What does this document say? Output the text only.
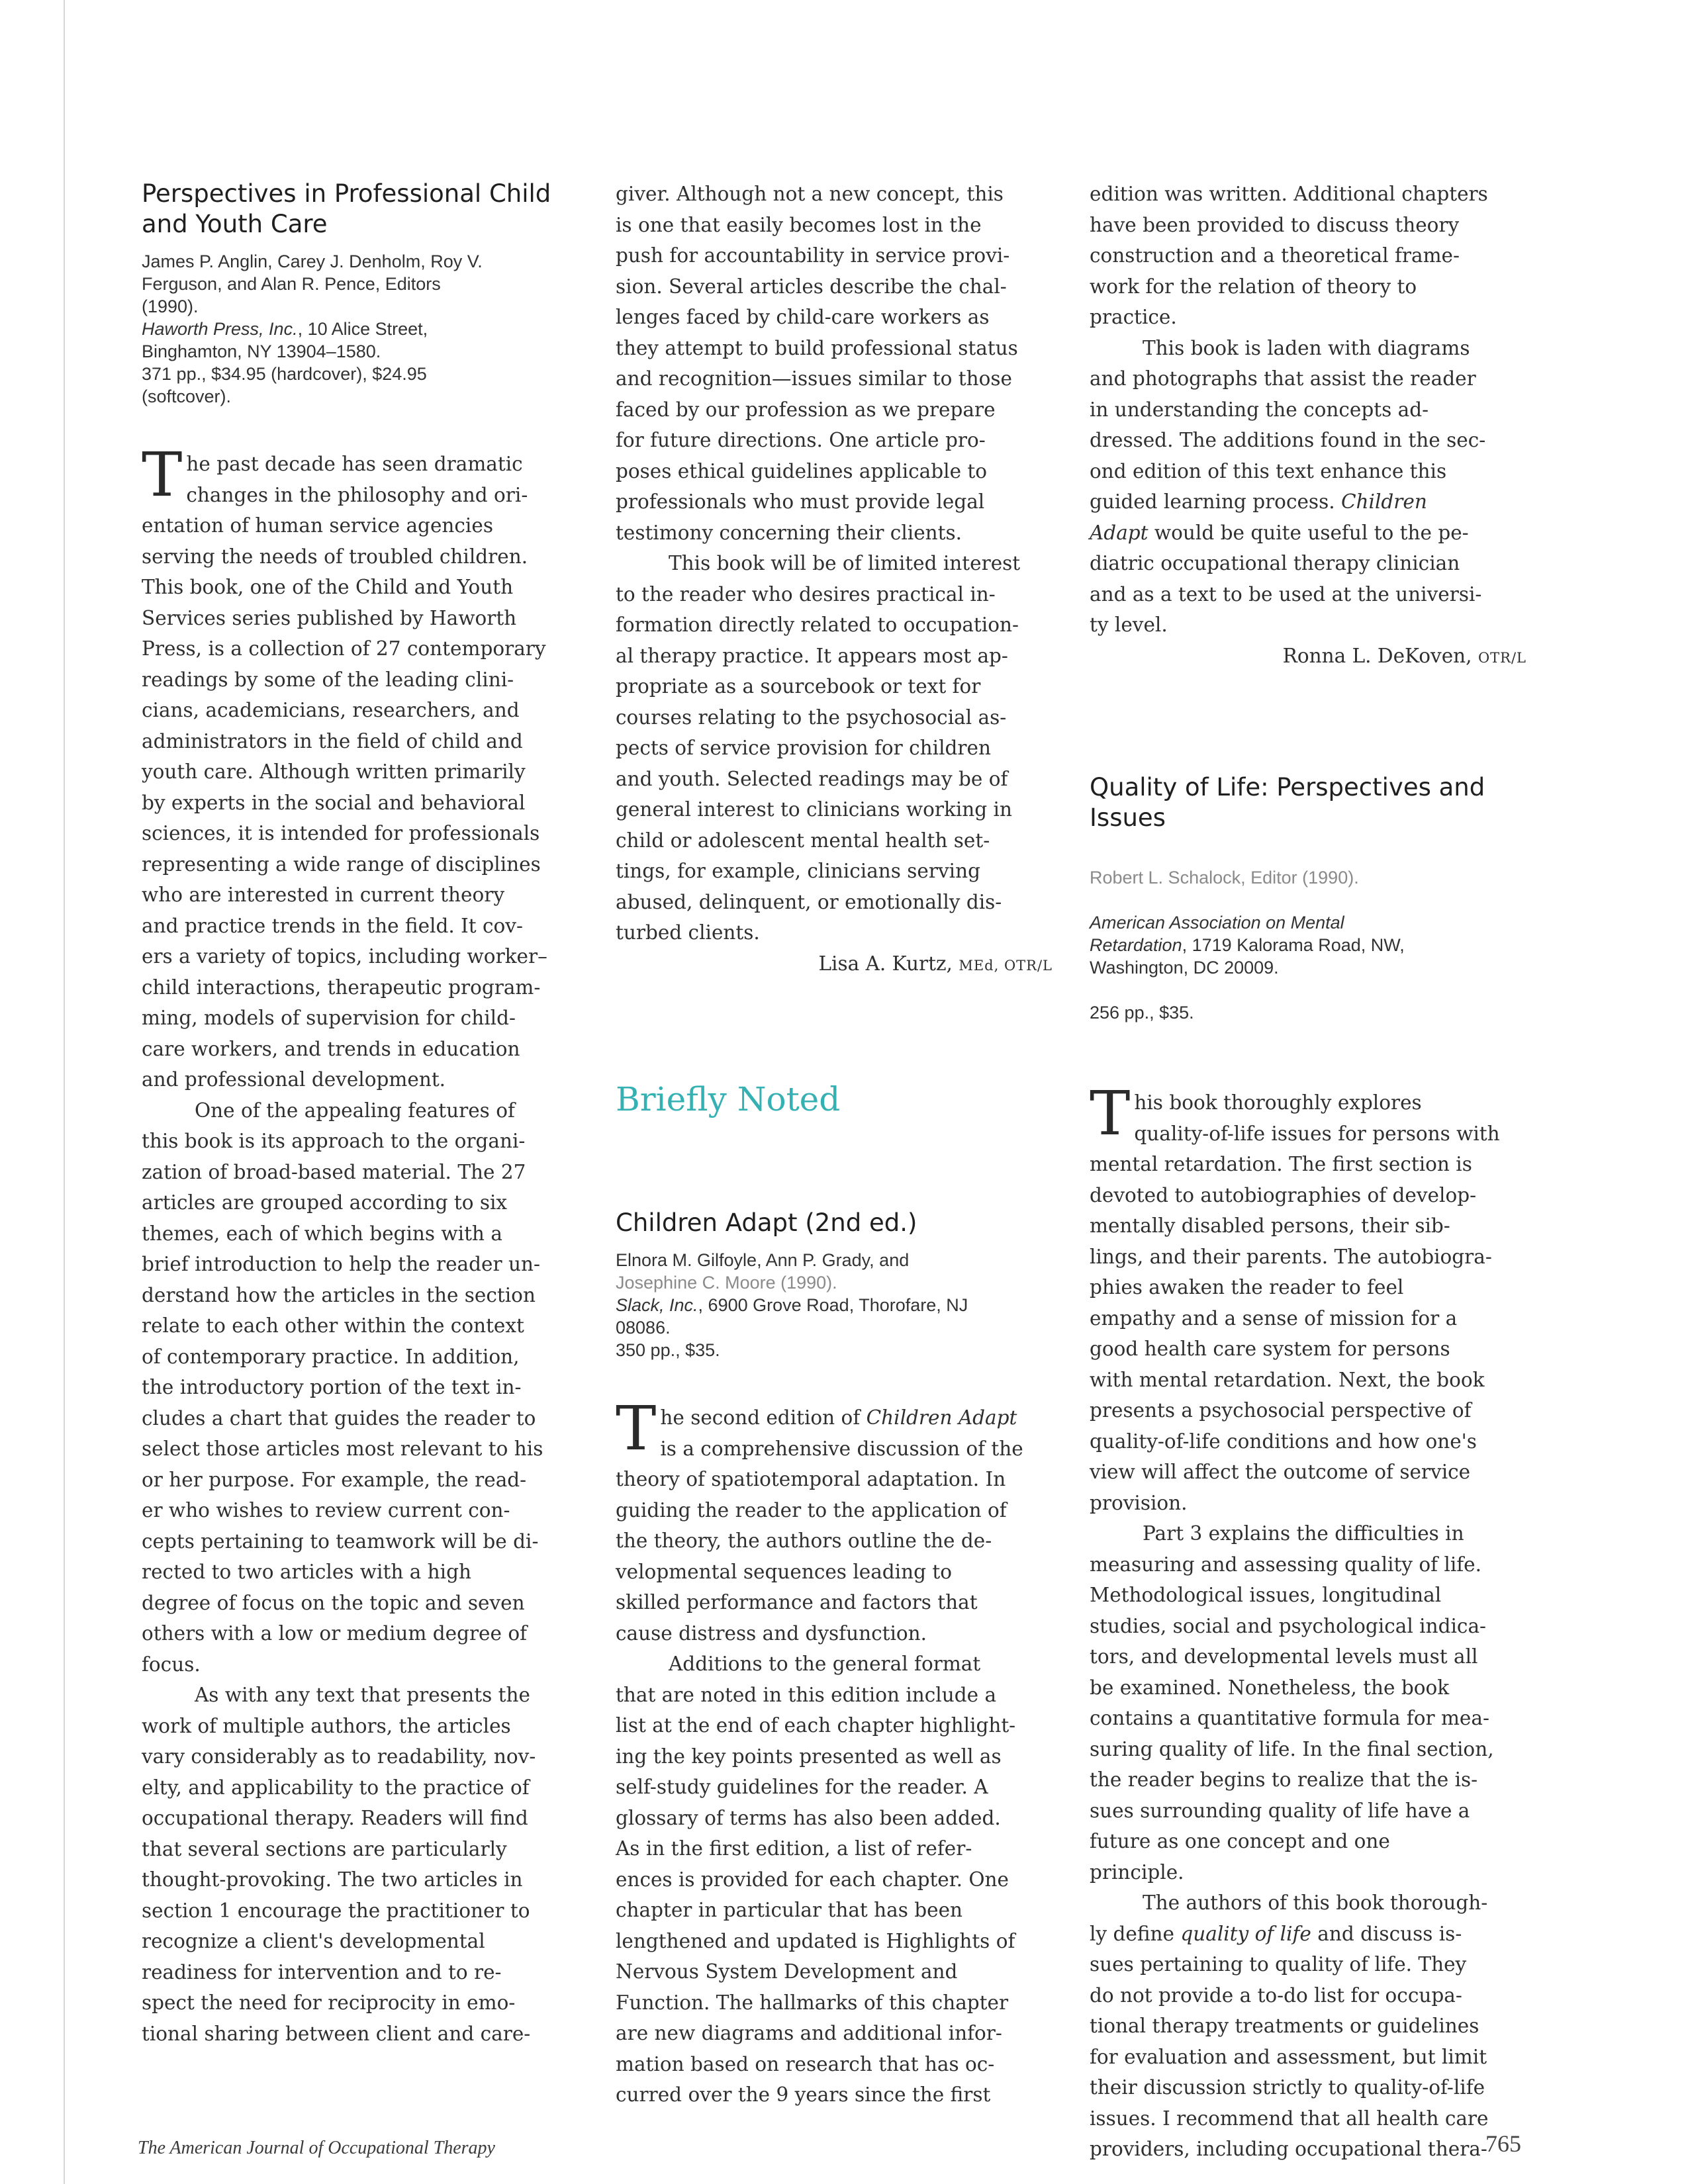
Perspectives in Professional Child
and Youth Care
James P. Anglin, Carey J. Denholm, Roy V.
Ferguson, and Alan R. Pence, Editors
(1990).
Haworth Press, Inc., 10 Alice Street,
Binghamton, NY 13904–1580.
371 pp., $34.95 (hardcover), $24.95
(softcover).

The past decade has seen dramatic
changes in the philosophy and ori-
entation of human service agencies
serving the needs of troubled children.
This book, one of the Child and Youth
Services series published by Haworth
Press, is a collection of 27 contemporary
readings by some of the leading clini-
cians, academicians, researchers, and
administrators in the field of child and
youth care. Although written primarily
by experts in the social and behavioral
sciences, it is intended for professionals
representing a wide range of disciplines
who are interested in current theory
and practice trends in the field. It cov-
ers a variety of topics, including worker–
child interactions, therapeutic program-
ming, models of supervision for child-
care workers, and trends in education
and professional development.

One of the appealing features of
this book is its approach to the organi-
zation of broad-based material. The 27
articles are grouped according to six
themes, each of which begins with a
brief introduction to help the reader un-
derstand how the articles in the section
relate to each other within the context
of contemporary practice. In addition,
the introductory portion of the text in-
cludes a chart that guides the reader to
select those articles most relevant to his
or her purpose. For example, the read-
er who wishes to review current con-
cepts pertaining to teamwork will be di-
rected to two articles with a high
degree of focus on the topic and seven
others with a low or medium degree of
focus.

As with any text that presents the
work of multiple authors, the articles
vary considerably as to readability, nov-
elty, and applicability to the practice of
occupational therapy. Readers will find
that several sections are particularly
thought-provoking. The two articles in
section 1 encourage the practitioner to
recognize a client's developmental
readiness for intervention and to re-
spect the need for reciprocity in emo-
tional sharing between client and care-

giver. Although not a new concept, this
is one that easily becomes lost in the
push for accountability in service provi-
sion. Several articles describe the chal-
lenges faced by child-care workers as
they attempt to build professional status
and recognition—issues similar to those
faced by our profession as we prepare
for future directions. One article pro-
poses ethical guidelines applicable to
professionals who must provide legal
testimony concerning their clients.

This book will be of limited interest
to the reader who desires practical in-
formation directly related to occupation-
al therapy practice. It appears most ap-
propriate as a sourcebook or text for
courses relating to the psychosocial as-
pects of service provision for children
and youth. Selected readings may be of
general interest to clinicians working in
child or adolescent mental health set-
tings, for example, clinicians serving
abused, delinquent, or emotionally dis-
turbed clients.

Lisa A. Kurtz, MEd, OTR/L

Briefly Noted
Children Adapt (2nd ed.)
Elnora M. Gilfoyle, Ann P. Grady, and
Josephine C. Moore (1990).
Slack, Inc., 6900 Grove Road, Thorofare, NJ
08086.
350 pp., $35.

The second edition of Children Adapt
is a comprehensive discussion of the
theory of spatiotemporal adaptation. In
guiding the reader to the application of
the theory, the authors outline the de-
velopmental sequences leading to
skilled performance and factors that
cause distress and dysfunction.

Additions to the general format
that are noted in this edition include a
list at the end of each chapter highlight-
ing the key points presented as well as
self-study guidelines for the reader. A
glossary of terms has also been added.
As in the first edition, a list of refer-
ences is provided for each chapter. One
chapter in particular that has been
lengthened and updated is Highlights of
Nervous System Development and
Function. The hallmarks of this chapter
are new diagrams and additional infor-
mation based on research that has oc-
curred over the 9 years since the first

edition was written. Additional chapters
have been provided to discuss theory
construction and a theoretical frame-
work for the relation of theory to
practice.

This book is laden with diagrams
and photographs that assist the reader
in understanding the concepts ad-
dressed. The additions found in the sec-
ond edition of this text enhance this
guided learning process. Children
Adapt would be quite useful to the pe-
diatric occupational therapy clinician
and as a text to be used at the universi-
ty level.

Ronna L. DeKoven, OTR/L

Quality of Life: Perspectives and
Issues

Robert L. Schalock, Editor (1990).

American Association on Mental
Retardation, 1719 Kalorama Road, NW,

Washington, DC 20009.

256 pp., $35.

This book thoroughly explores
quality-of-life issues for persons with
mental retardation. The first section is
devoted to autobiographies of develop-
mentally disabled persons, their sib-
lings, and their parents. The autobiogra-
phies awaken the reader to feel
empathy and a sense of mission for a
good health care system for persons
with mental retardation. Next, the book
presents a psychosocial perspective of
quality-of-life conditions and how one's
view will affect the outcome of service
provision.

Part 3 explains the difficulties in
measuring and assessing quality of life.
Methodological issues, longitudinal
studies, social and psychological indica-
tors, and developmental levels must all
be examined. Nonetheless, the book
contains a quantitative formula for mea-
suring quality of life. In the final section,
the reader begins to realize that the is-
sues surrounding quality of life have a
future as one concept and one
principle.

The authors of this book thorough-
ly define quality of life and discuss is-
sues pertaining to quality of life. They
do not provide a to-do list for occupa-
tional therapy treatments or guidelines
for evaluation and assessment, but limit
their discussion strictly to quality-of-life
issues. I recommend that all health care
providers, including occupational thera-

The American Journal of Occupational Therapy	765
